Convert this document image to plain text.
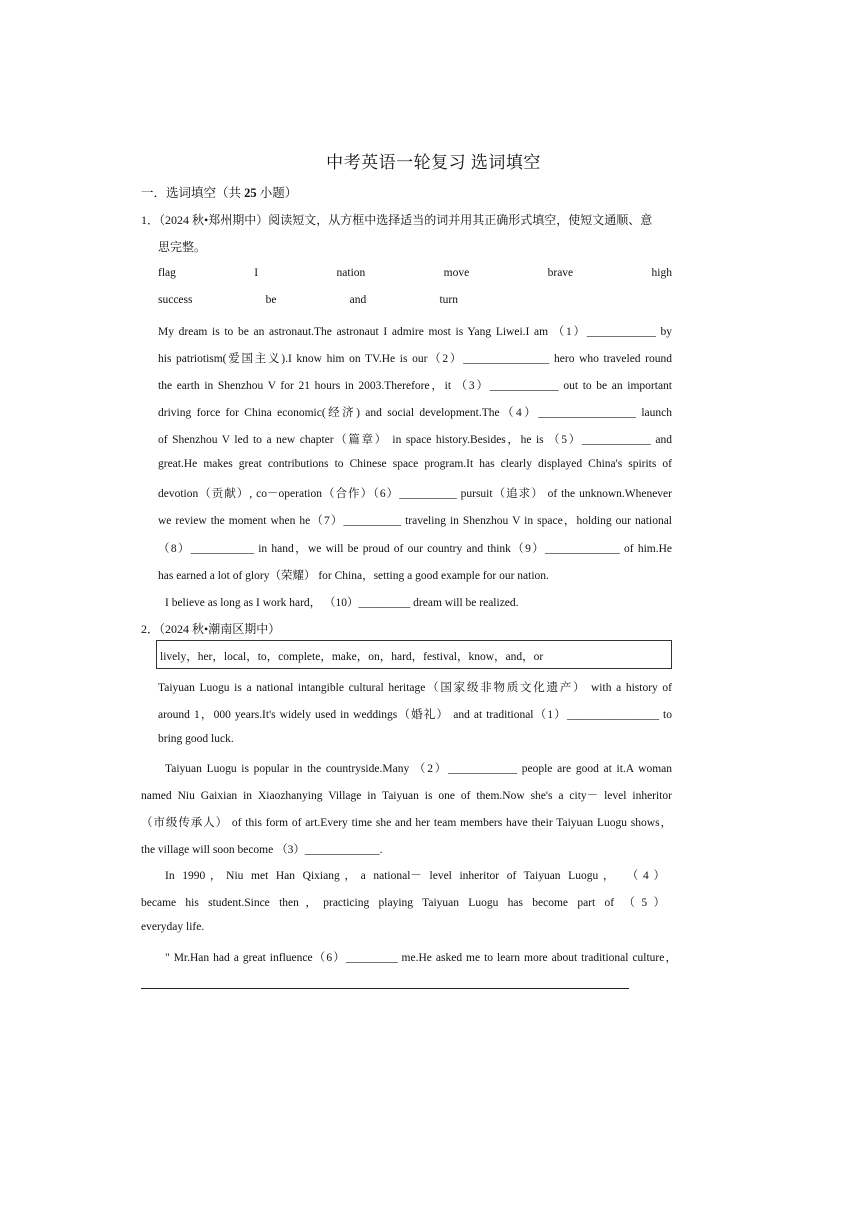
中考英语一轮复习 选词填空
一．选词填空（共 25 小题）
1．（2024 秋•郑州期中）阅读短文，从方框中选择适当的词并用其正确形式填空，使短文通顺、意
思完整。
flag	I	nation	move	brave	high
success	be	and	turn
My dream is to be an astronaut.The astronaut I admire most is Yang Liwei.I am （1）____________ by
his patriotism(爱国主义).I know him on TV.He is our（2）_______________ hero who traveled round
the earth in Shenzhou V for 21 hours in 2003.Therefore，it （3）____________ out to be an important
driving force for China economic(经济) and social development.The（4）_________________ launch
of Shenzhou V led to a new chapter（篇章） in space history.Besides，he is （5）____________ and
great.He makes great contributions to Chinese space program.It has clearly displayed China's spirits of
devotion（贡献）, co－operation（合作）（6）__________ pursuit（追求） of the unknown.Whenever
we review the moment when he（7）__________ traveling in Shenzhou V in space，holding our national
（8）___________ in hand，we will be proud of our country and think（9）_____________ of him.He
has earned a lot of glory（荣耀） for China，setting a good example for our nation.
I believe as long as I work hard， （10）_________ dream will be realized.
2．（2024 秋•潮南区期中）
lively，her，local，to，complete，make，on，hard，festival，know，and，or
Taiyuan Luogu is a national intangible cultural heritage（国家级非物质文化遗产） with a history of
around 1，000 years.It's widely used in weddings（婚礼） and at traditional（1）________________ to
bring good luck.
Taiyuan Luogu is popular in the countryside.Many （2）____________ people are good at it.A woman
named Niu Gaixian in Xiaozhanying Village in Taiyuan is one of them.Now she's a city－ level inheritor
（市级传承人） of this form of art.Every time she and her team members have their Taiyuan Luogu shows，
the village will soon become （3）_____________.
In 1990，Niu met Han Qixiang，a national－ level inheritor of Taiyuan Luogu， （4）
became his student.Since then，practicing playing Taiyuan Luogu has become part of （5）
everyday life.
" Mr.Han had a great influence（6）_________ me.He asked me to learn more about traditional culture，
